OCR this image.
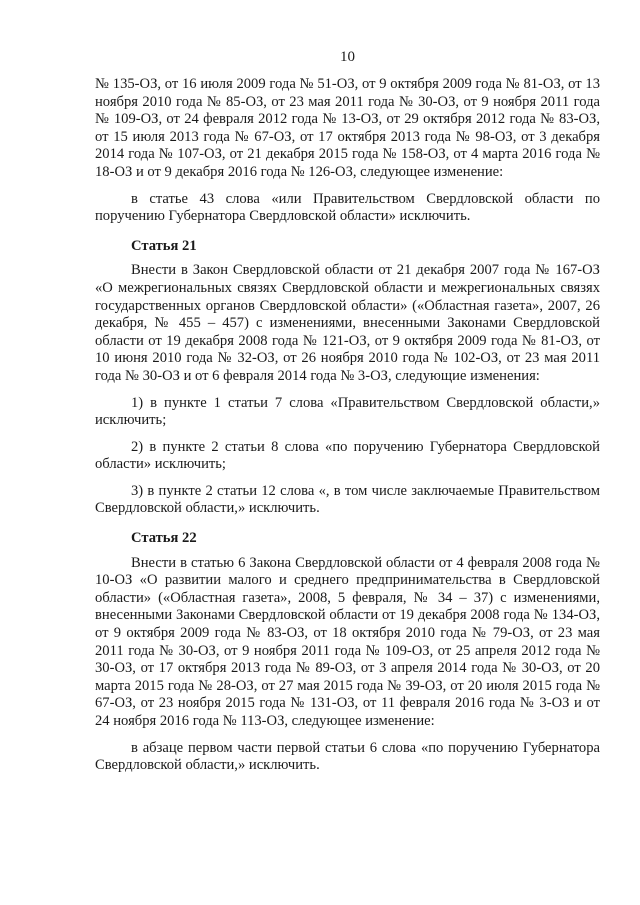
10

№ 135-ОЗ, от 16 июля 2009 года № 51-ОЗ, от 9 октября 2009 года № 81-ОЗ, от 13 ноября 2010 года № 85-ОЗ, от 23 мая 2011 года № 30-ОЗ, от 9 ноября 2011 года № 109-ОЗ, от 24 февраля 2012 года № 13-ОЗ, от 29 октября 2012 года № 83-ОЗ, от 15 июля 2013 года № 67-ОЗ, от 17 октября 2013 года № 98-ОЗ, от 3 декабря 2014 года № 107-ОЗ, от 21 декабря 2015 года № 158-ОЗ, от 4 марта 2016 года № 18-ОЗ и от 9 декабря 2016 года № 126-ОЗ, следующее изменение:

в статье 43 слова «или Правительством Свердловской области по поручению Губернатора Свердловской области» исключить.

Статья 21

Внести в Закон Свердловской области от 21 декабря 2007 года № 167-ОЗ «О межрегиональных связях Свердловской области и межрегиональных связях государственных органов Свердловской области» («Областная газета», 2007, 26 декабря, № 455 – 457) с изменениями, внесенными Законами Свердловской области от 19 декабря 2008 года № 121-ОЗ, от 9 октября 2009 года № 81-ОЗ, от 10 июня 2010 года № 32-ОЗ, от 26 ноября 2010 года № 102-ОЗ, от 23 мая 2011 года № 30-ОЗ и от 6 февраля 2014 года № 3-ОЗ, следующие изменения:

1) в пункте 1 статьи 7 слова «Правительством Свердловской области,» исключить;

2) в пункте 2 статьи 8 слова «по поручению Губернатора Свердловской области» исключить;

3) в пункте 2 статьи 12 слова «, в том числе заключаемые Правительством Свердловской области,» исключить.

Статья 22

Внести в статью 6 Закона Свердловской области от 4 февраля 2008 года № 10-ОЗ «О развитии малого и среднего предпринимательства в Свердловской области» («Областная газета», 2008, 5 февраля, № 34 – 37) с изменениями, внесенными Законами Свердловской области от 19 декабря 2008 года № 134-ОЗ, от 9 октября 2009 года № 83-ОЗ, от 18 октября 2010 года № 79-ОЗ, от 23 мая 2011 года № 30-ОЗ, от 9 ноября 2011 года № 109-ОЗ, от 25 апреля 2012 года № 30-ОЗ, от 17 октября 2013 года № 89-ОЗ, от 3 апреля 2014 года № 30-ОЗ, от 20 марта 2015 года № 28-ОЗ, от 27 мая 2015 года № 39-ОЗ, от 20 июля 2015 года № 67-ОЗ, от 23 ноября 2015 года № 131-ОЗ, от 11 февраля 2016 года № 3-ОЗ и от 24 ноября 2016 года № 113-ОЗ, следующее изменение:

в абзаце первом части первой статьи 6 слова «по поручению Губернатора Свердловской области,» исключить.
